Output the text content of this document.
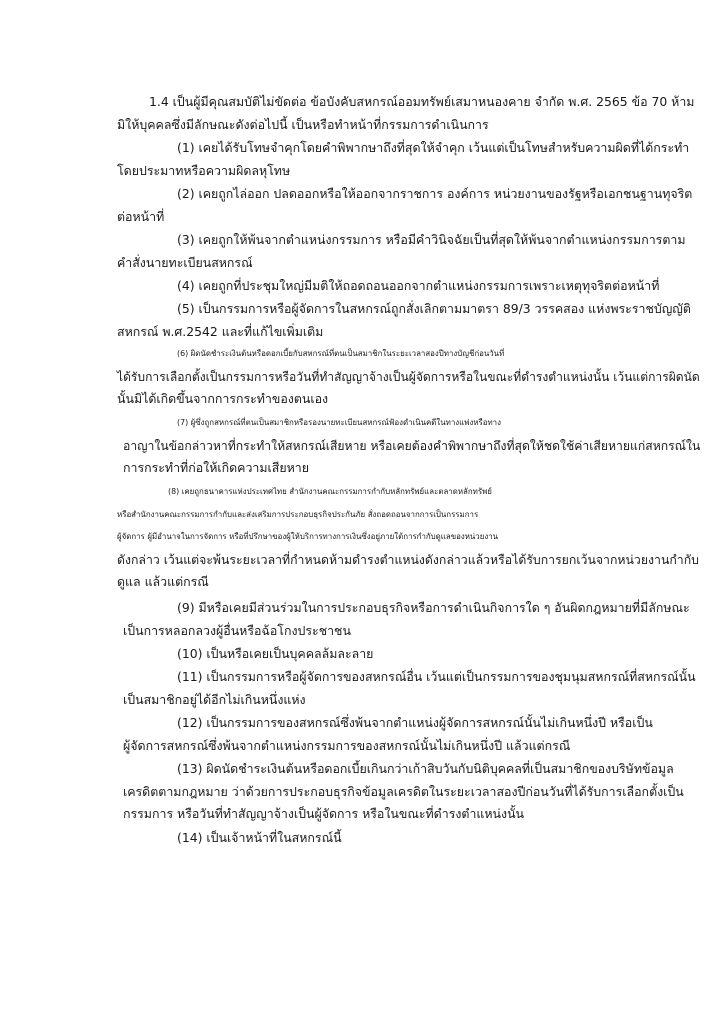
1.4 เป็นผู้มีคุณสมบัติไม่ขัดต่อ ข้อบังคับสหกรณ์ออมทรัพย์เสมาหนองคาย จำกัด พ.ศ. 2565 ข้อ 70 ห้าม
มิให้บุคคลซึ่งมีลักษณะดังต่อไปนี้ เป็นหรือทำหน้าที่กรรมการดำเนินการ
(1) เคยได้รับโทษจำคุกโดยคำพิพากษาถึงที่สุดให้จำคุก เว้นแต่เป็นโทษสำหรับความผิดที่ได้กระทำ
โดยประมาทหรือความผิดลหุโทษ
(2) เคยถูกไล่ออก ปลดออกหรือให้ออกจากราชการ องค์การ หน่วยงานของรัฐหรือเอกชนฐานทุจริต
ต่อหน้าที่
(3) เคยถูกให้พ้นจากตำแหน่งกรรมการ หรือมีคำวินิจฉัยเป็นที่สุดให้พ้นจากตำแหน่งกรรมการตาม
คำสั่งนายทะเบียนสหกรณ์
(4) เคยถูกที่ประชุมใหญ่มีมติให้ถอดถอนออกจากตำแหน่งกรรมการเพราะเหตุทุจริตต่อหน้าที่
(5) เป็นกรรมการหรือผู้จัดการในสหกรณ์ถูกสั่งเลิกตามมาตรา 89/3 วรรคสอง แห่งพระราชบัญญัติ
สหกรณ์ พ.ศ.2542 และที่แก้ไขเพิ่มเติม
(6) ผิดนัดชำระเงินต้นหรือดอกเบี้ยกับสหกรณ์ที่ตนเป็นสมาชิกในระยะเวลาสองปีทางบัญชีก่อนวันที่
ได้รับการเลือกตั้งเป็นกรรมการหรือวันที่ทำสัญญาจ้างเป็นผู้จัดการหรือในขณะที่ดำรงตำแหน่งนั้น เว้นแต่การผิดนัด
นั้นมิได้เกิดขึ้นจากการกระทำของตนเอง
(7) ผู้ซึ่งถูกสหกรณ์ที่ตนเป็นสมาชิกหรือรองนายทะเบียนสหกรณ์ฟ้องดำเนินคดีในทางแพ่งหรือทาง
อาญาในข้อกล่าวหาที่กระทำให้สหกรณ์เสียหาย หรือเคยต้องคำพิพากษาถึงที่สุดให้ชดใช้ค่าเสียหายแก่สหกรณ์ใน
การกระทำที่ก่อให้เกิดความเสียหาย
(8) เคยถูกธนาคารแห่งประเทศไทย สำนักงานคณะกรรมการกำกับหลักทรัพย์และตลาดหลักทรัพย์
หรือสำนักงานคณะกรรมการกำกับและส่งเสริมการประกอบธุรกิจประกันภัย สั่งถอดถอนจากการเป็นกรรมการ
ผู้จัดการ ผู้มีอำนาจในการจัดการ หรือที่ปรึกษาของผู้ให้บริการทางการเงินซึ่งอยู่ภายใต้การกำกับดูแลของหน่วยงาน
ดังกล่าว เว้นแต่จะพ้นระยะเวลาที่กำหนดห้ามดำรงตำแหน่งดังกล่าวแล้วหรือได้รับการยกเว้นจากหน่วยงานกำกับ
ดูแล แล้วแต่กรณี
(9) มีหรือเคยมีส่วนร่วมในการประกอบธุรกิจหรือการดำเนินกิจการใด ๆ อันผิดกฎหมายที่มีลักษณะ
เป็นการหลอกลวงผู้อื่นหรือฉ้อโกงประชาชน
(10) เป็นหรือเคยเป็นบุคคลล้มละลาย
(11) เป็นกรรมการหรือผู้จัดการของสหกรณ์อื่น เว้นแต่เป็นกรรมการของชุมนุมสหกรณ์ที่สหกรณ์นั้น
เป็นสมาชิกอยู่ได้อีกไม่เกินหนึ่งแห่ง
(12) เป็นกรรมการของสหกรณ์ซึ่งพ้นจากตำแหน่งผู้จัดการสหกรณ์นั้นไม่เกินหนึ่งปี หรือเป็น
ผู้จัดการสหกรณ์ซึ่งพ้นจากตำแหน่งกรรมการของสหกรณ์นั้นไม่เกินหนึ่งปี แล้วแต่กรณี
(13) ผิดนัดชำระเงินต้นหรือดอกเบี้ยเกินกว่าเก้าสิบวันกับนิติบุคคลที่เป็นสมาชิกของบริษัทข้อมูล
เครดิตตามกฎหมาย ว่าด้วยการประกอบธุรกิจข้อมูลเครดิตในระยะเวลาสองปีก่อนวันที่ได้รับการเลือกตั้งเป็น
กรรมการ หรือวันที่ทำสัญญาจ้างเป็นผู้จัดการ หรือในขณะที่ดำรงตำแหน่งนั้น
(14) เป็นเจ้าหน้าที่ในสหกรณ์นี้
